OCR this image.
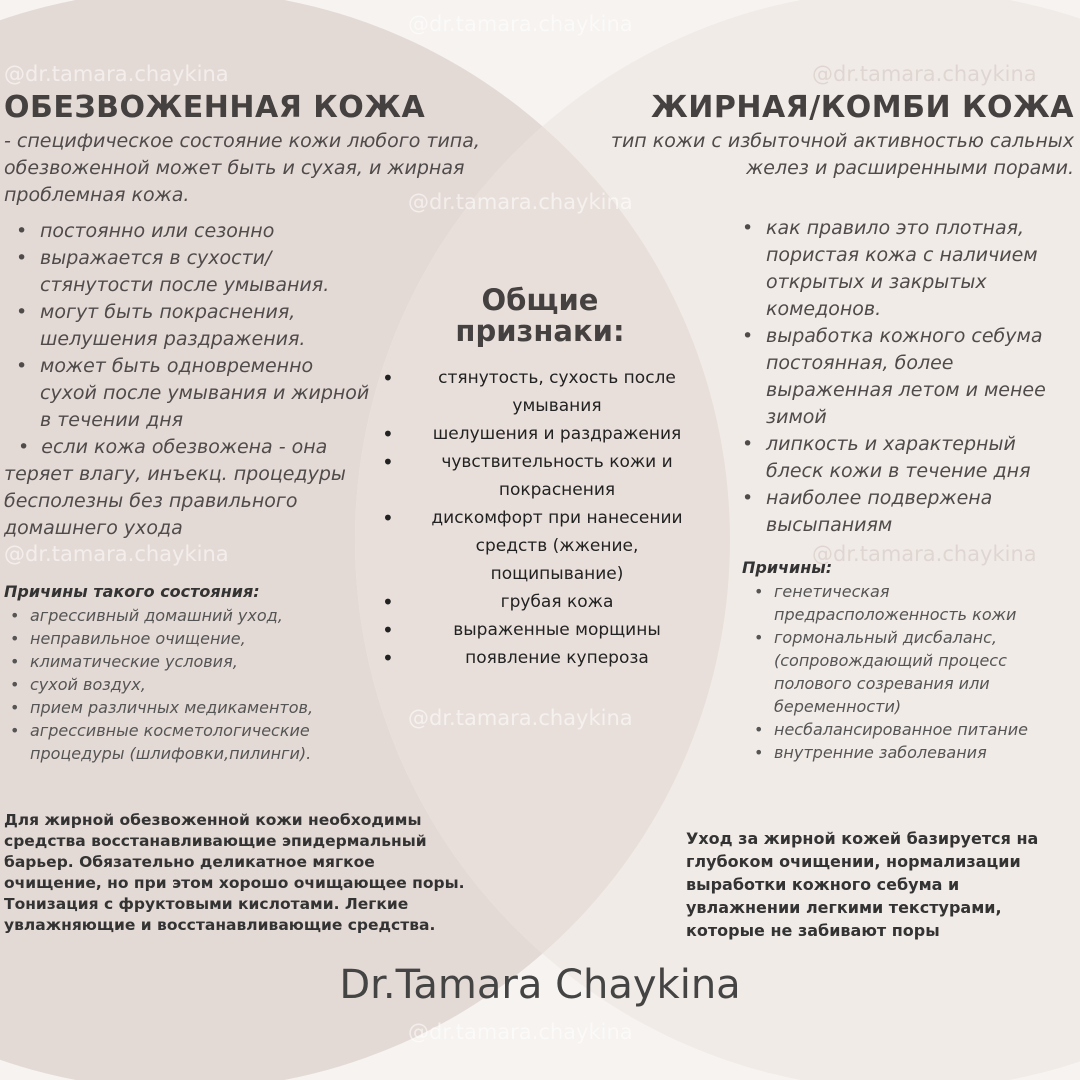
@dr.tamara.chaykina
@dr.tamara.chaykina	@dr.tamara.chaykina
@dr.tamara.chaykina
@dr.tamara.chaykina	@dr.tamara.chaykina
@dr.tamara.chaykina
@dr.tamara.chaykina
ОБЕЗВОЖЕННАЯ КОЖА
- специфическое состояние кожи любого типа, обезвоженной может быть и сухая, и жирная проблемная кожа.
• постоянно или сезонно
• выражается в сухости/ стянутости после умывания.
• могут быть покраснения, шелушения раздражения.
• может быть одновременно сухой после умывания и жирной в течении дня
•  если кожа обезвожена - она теряет влагу, инъекц. процедуры бесполезны без правильного домашнего ухода
Причины такого состояния:
• агрессивный домашний уход,
• неправильное очищение,
• климатические условия,
• сухой воздух,
• прием различных медикаментов,
• агрессивные косметологические процедуры (шлифовки,пилинги).
Для жирной обезвоженной кожи необходимы средства восстанавливающие эпидермальный барьер. Обязательно деликатное мягкое очищение, но при этом хорошо очищающее поры. Тонизация с фруктовыми кислотами. Легкие увлажняющие и восстанавливающие средства.
Общие признаки:
• стянутость, сухость после умывания
• шелушения и раздражения
• чувствительность кожи и покраснения
• дискомфорт при нанесении средств (жжение, пощипывание)
• грубая кожа
• выраженные морщины
• появление купероза
ЖИРНАЯ/КОМБИ КОЖА
тип кожи с избыточной активностью сальных желез и расширенными порами.
• как правило это плотная, пористая кожа с наличием открытых и закрытых комедонов.
• выработка кожного себума постоянная, более выраженная летом и менее зимой
• липкость и характерный блеск кожи в течение дня
• наиболее подвержена высыпаниям
Причины:
• генетическая предрасположенность кожи
• гормональный дисбаланс, (сопровождающий процесс полового созревания или беременности)
• несбалансированное питание
• внутренние заболевания
Уход за жирной кожей базируется на глубоком очищении, нормализации выработки кожного себума и увлажнении легкими текстурами, которые не забивают поры
Dr.Tamara Chaykina
